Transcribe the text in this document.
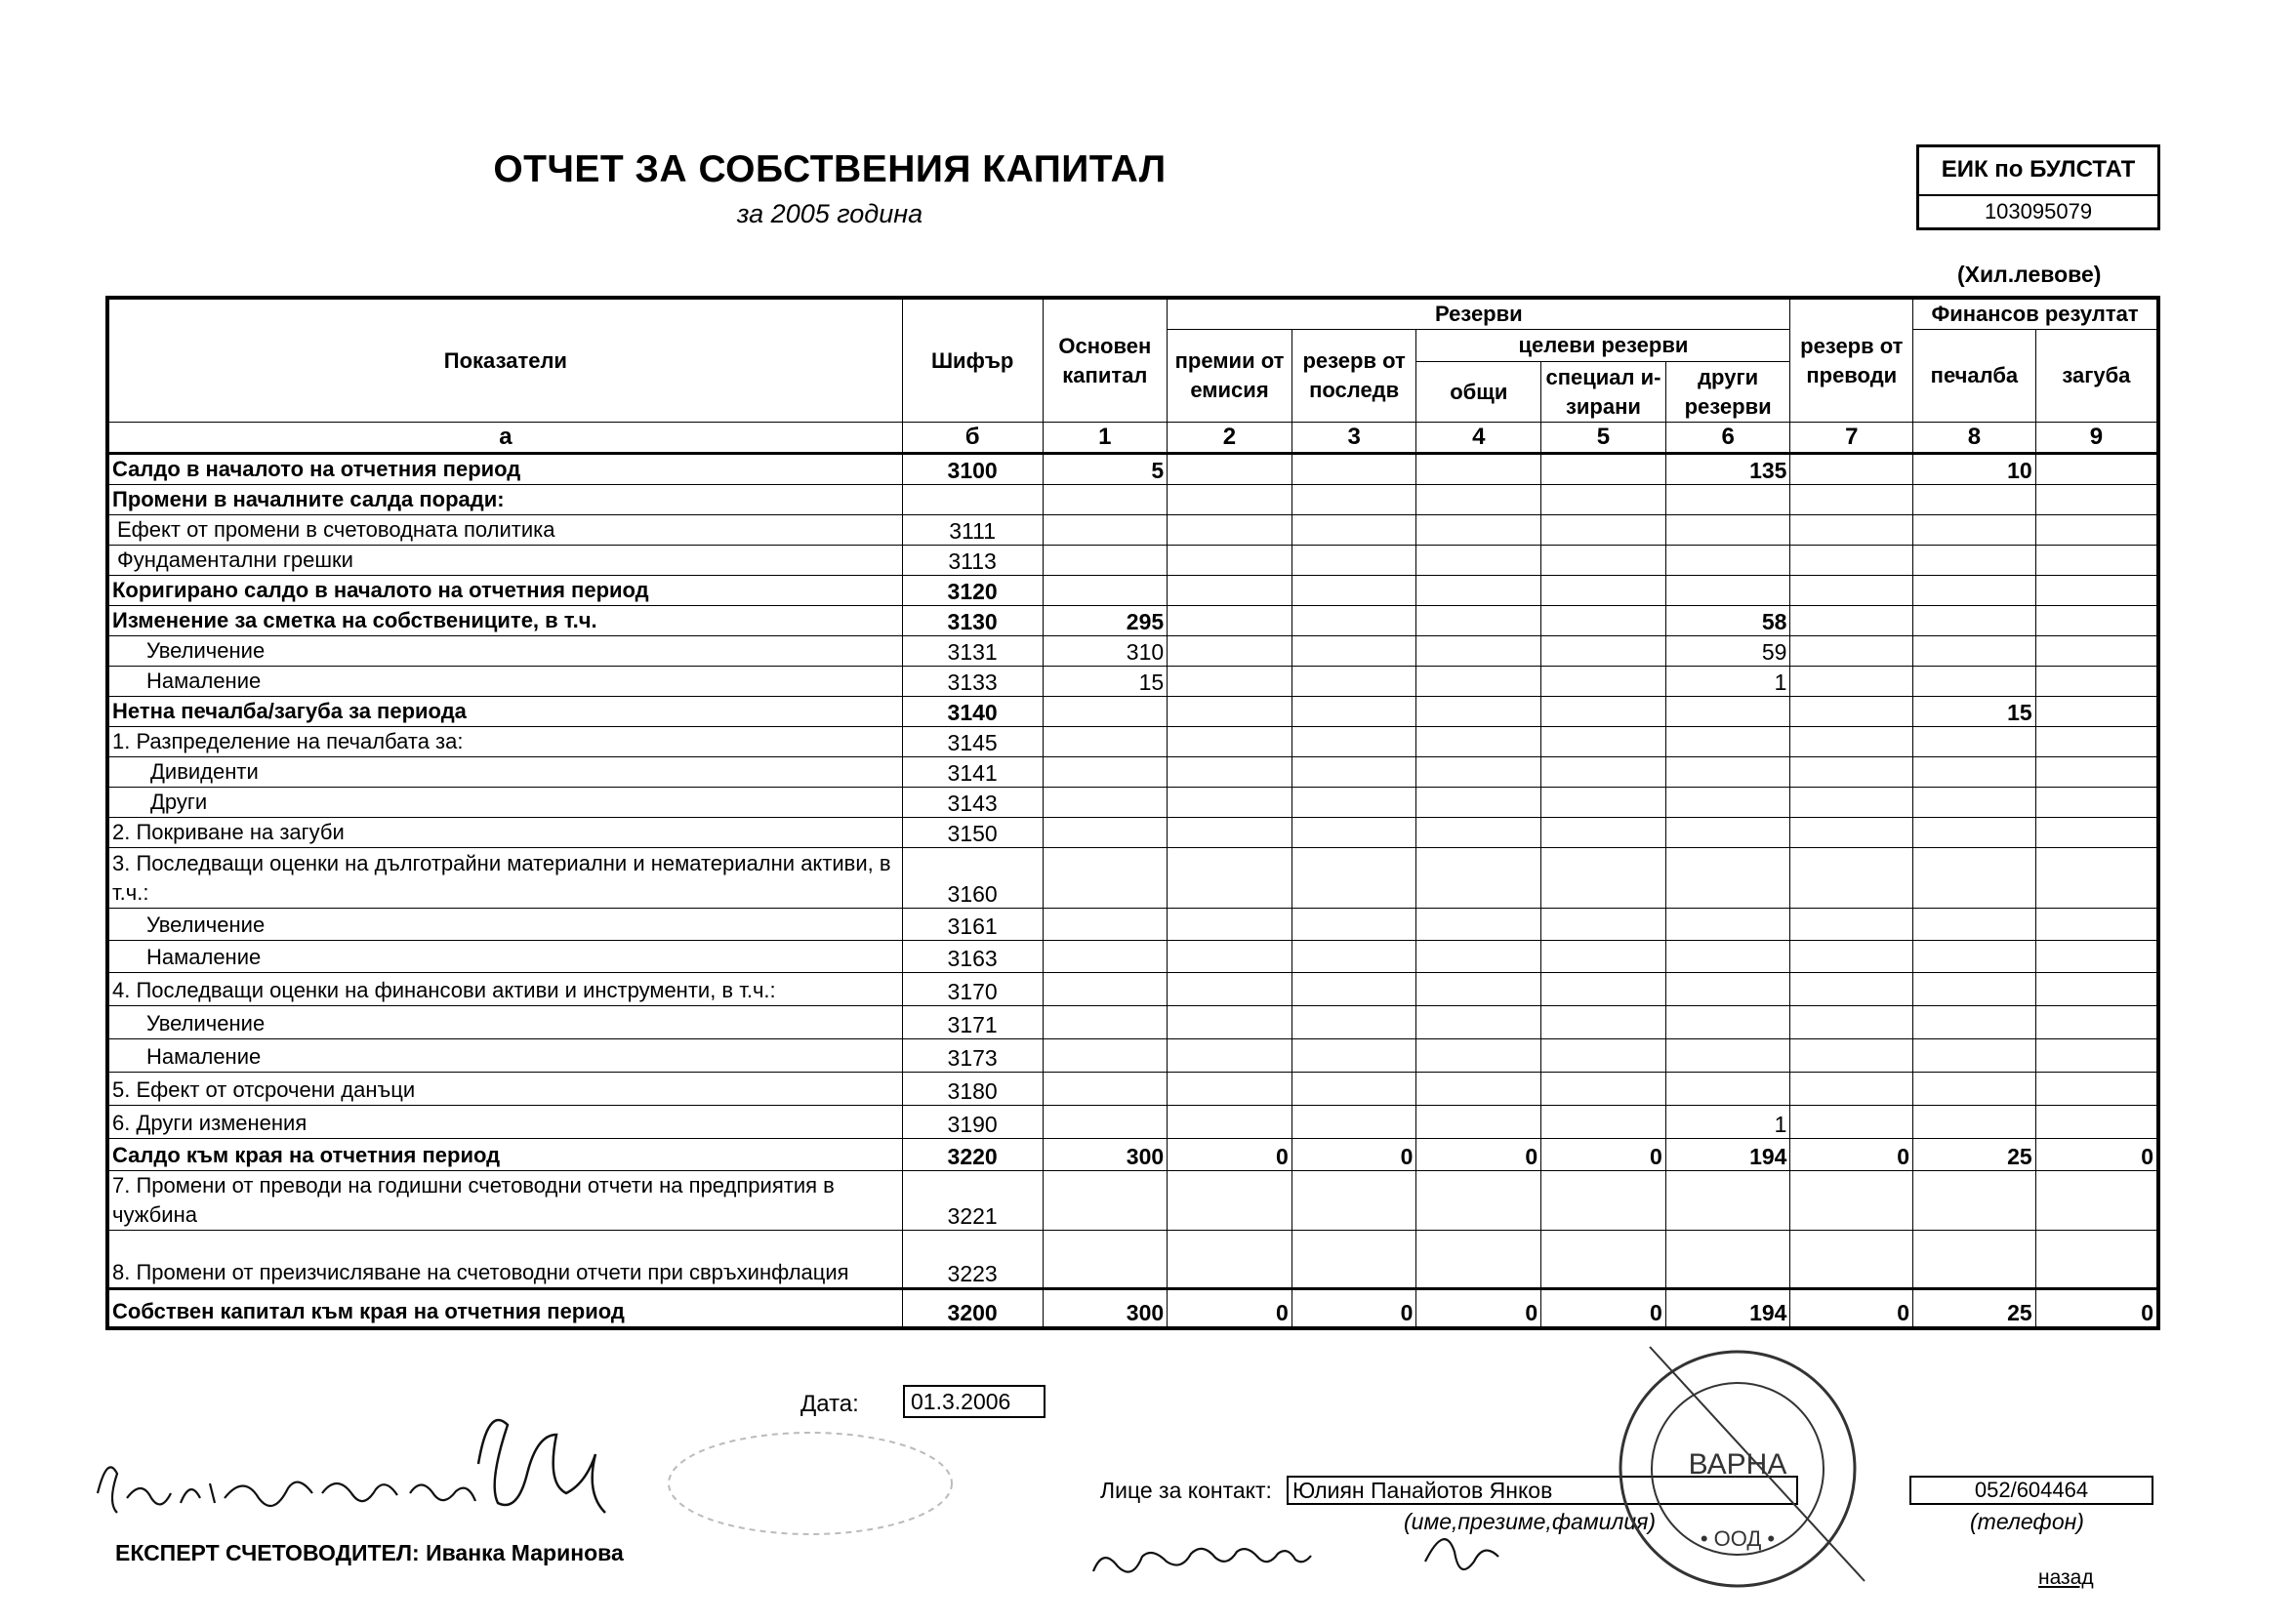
ОТЧЕТ ЗА СОБСТВЕНИЯ КАПИТАЛ
за 2005 година
ЕИК по БУЛСТАТ
103095079
(Хил.левове)
Показатели	Шифър	Основен капитал	Резерви					резерв от преводи	Финансов резултат	
			премии от емисия	резерв от последв	целеви резерви				печалба	загуба
					общи	специал и-зирани	други резерви			
а	б	1	2	3	4	5	6	7	8	9
Салдо в началото на отчетния период	3100	5					135		10	
Промени в началните салда поради:										
Ефект от промени в счетоводната политика	3111									
Фундаментални грешки	3113									
Коригирано салдо в началото на отчетния период	3120									
Изменение за сметка на собствениците, в т.ч.	3130	295					58			
Увеличение	3131	310					59			
Намаление	3133	15					1			
Нетна печалба/загуба за периода	3140								15	
1. Разпределение на печалбата за:	3145									
Дивиденти	3141									
Други	3143									
2. Покриване на загуби	3150									
3. Последващи оценки на дълготрайни материални и нематериални активи, в т.ч.:	3160									
Увеличение	3161									
Намаление	3163									
4. Последващи оценки на финансови активи и инструменти, в т.ч.:	3170									
Увеличение	3171									
Намаление	3173									
5. Ефект от отсрочени данъци	3180									
6. Други изменения	3190						1			
Салдо към края на отчетния период	3220	300	0	0	0	0	194	0	25	0
7. Промени от преводи на годишни счетоводни отчети на предприятия в чужбина	3221									
8. Промени от преизчисляване на счетоводни отчети при свръхинфлация	3223									
Собствен капитал към края на отчетния период	3200	300	0	0	0	0	194	0	25	0
Дата:	01.3.2006
ЕКСПЕРТ СЧЕТОВОДИТЕЛ: Иванка Маринова
Лице за контакт: Юлиян Панайотов Янков
(име,презиме,фамилия)
052/604464
(телефон)
назад
ВАРНА
• ООД •
